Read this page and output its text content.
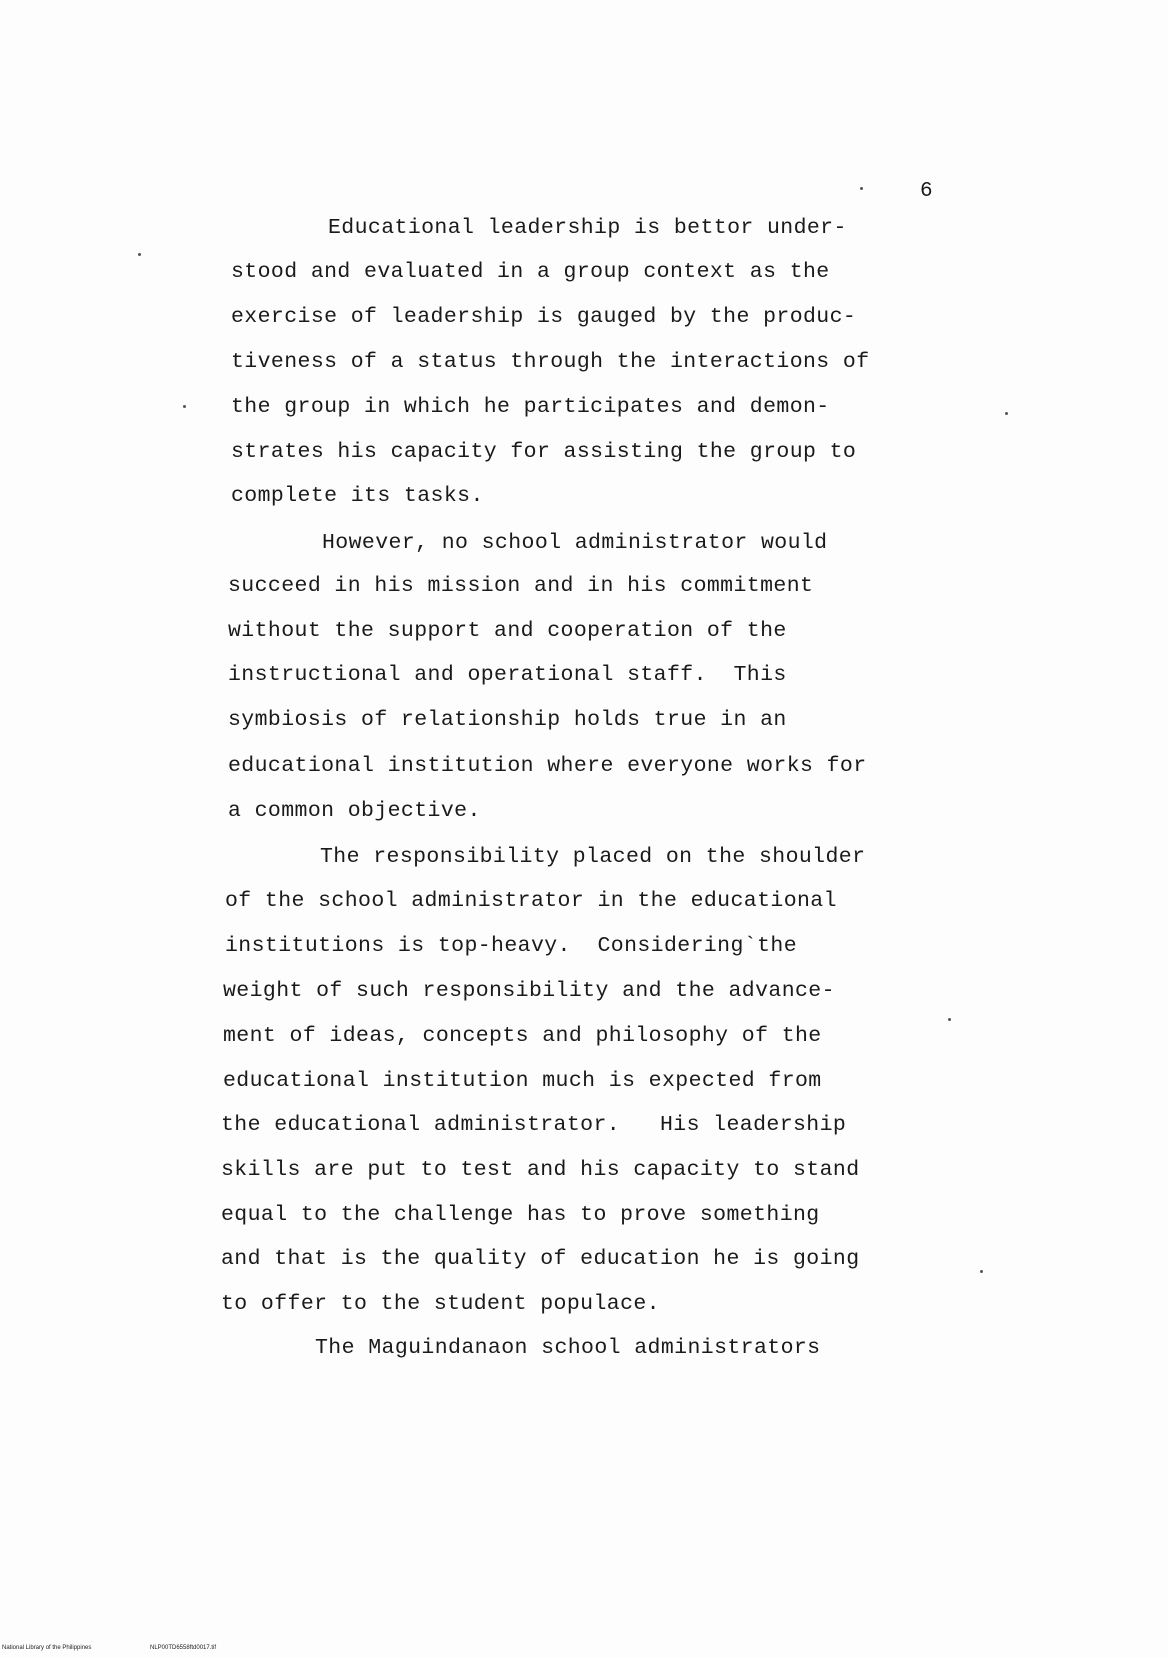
6
Educational leadership is bettor under-
stood and evaluated in a group context as the
exercise of leadership is gauged by the produc-
tiveness of a status through the interactions of
the group in which he participates and demon-
strates his capacity for assisting the group to
complete its tasks.
However, no school administrator would
succeed in his mission and in his commitment
without the support and cooperation of the
instructional and operational staff.  This
symbiosis of relationship holds true in an
educational institution where everyone works for
a common objective.
The responsibility placed on the shoulder
of the school administrator in the educational
institutions is top-heavy.  Considering`the
weight of such responsibility and the advance-
ment of ideas, concepts and philosophy of the
educational institution much is expected from
the educational administrator.   His leadership
skills are put to test and his capacity to stand
equal to the challenge has to prove something
and that is the quality of education he is going
to offer to the student populace.
The Maguindanaon school administrators
National Library of the Philippines	NLP00TD6558ftd0017.tif
